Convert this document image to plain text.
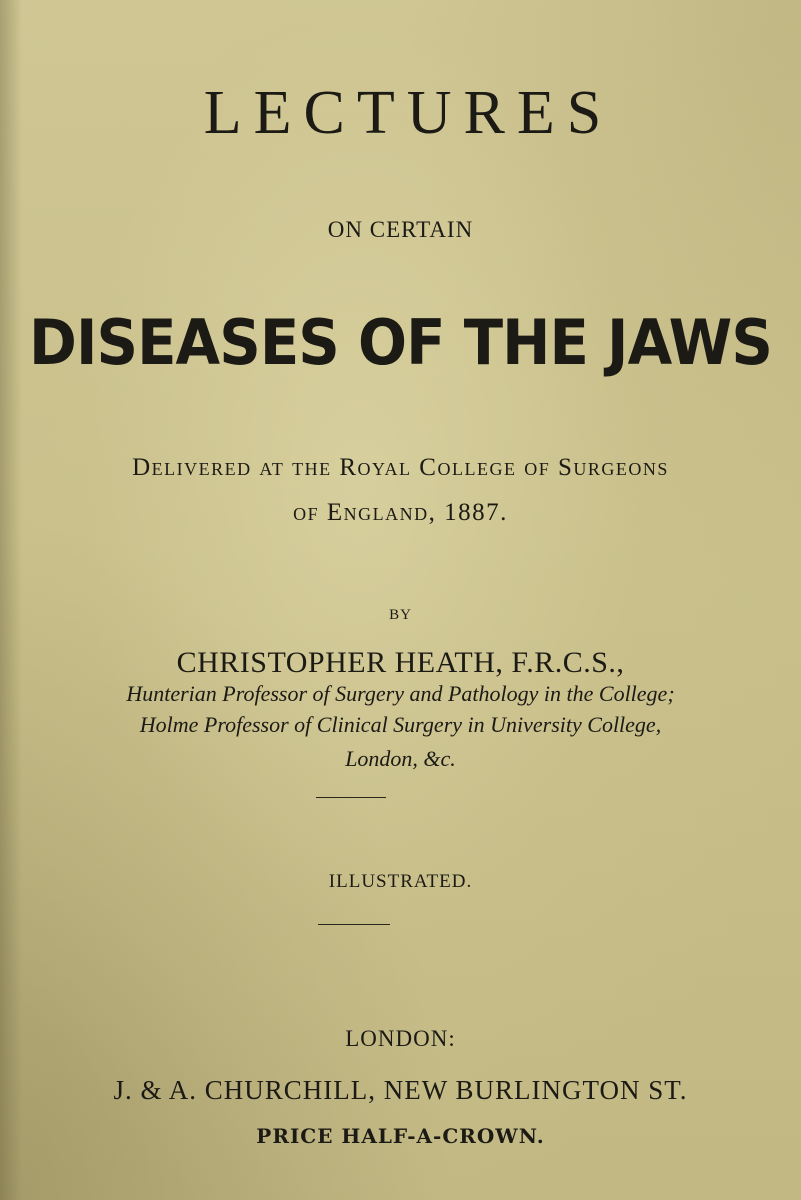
LECTURES
ON CERTAIN
DISEASES OF THE JAWS
Delivered at the Royal College of Surgeons
of England, 1887.
BY
CHRISTOPHER HEATH, F.R.C.S.,
Hunterian Professor of Surgery and Pathology in the College;
Holme Professor of Clinical Surgery in University College,
London, &c.
ILLUSTRATED.
LONDON:
J. & A. CHURCHILL, NEW BURLINGTON ST.
PRICE HALF-A-CROWN.
